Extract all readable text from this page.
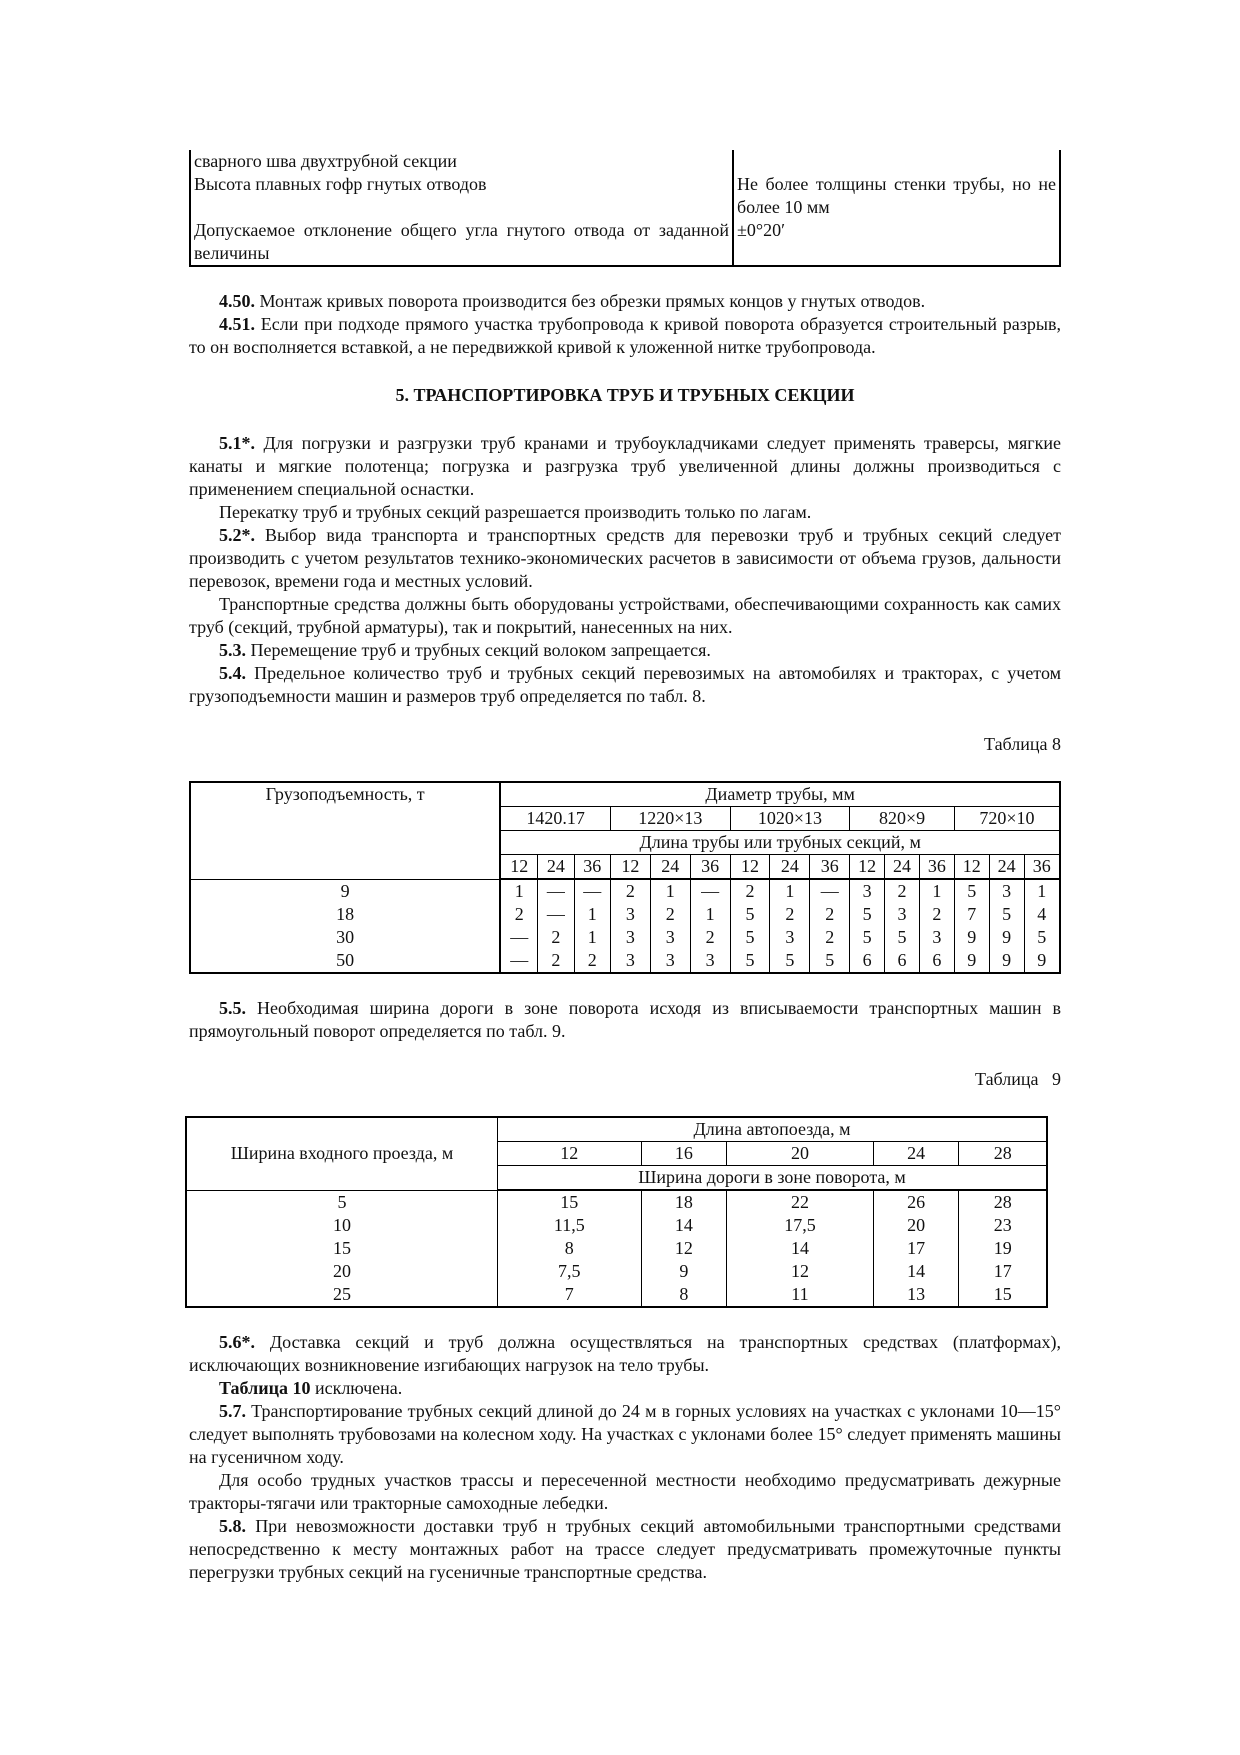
сварного шва двухтрубной секции	
Высота плавных гофр гнутых отводов	Не более толщины стенки трубы, но не более 10 мм
Допускаемое отклонение общего угла гнутого отвода от заданной величины	±0°20′

4.50. Монтаж кривых поворота производится без обрезки прямых концов у гнутых отводов.

4.51. Если при подходе прямого участка трубопровода к кривой поворота образуется строительный разрыв, то он восполняется вставкой, а не передвижкой кривой к уложенной нитке трубопровода.

5. ТРАНСПОРТИРОВКА ТРУБ И ТРУБНЫХ СЕКЦИИ

5.1*. Для погрузки и разгрузки труб кранами и трубоукладчиками следует применять траверсы, мягкие канаты и мягкие полотенца; погрузка и разгрузка труб увеличенной длины должны производиться с применением специальной оснастки.

Перекатку труб и трубных секций разрешается производить только по лагам.

5.2*. Выбор вида транспорта и транспортных средств для перевозки труб и трубных секций следует производить с учетом результатов технико-экономических расчетов в зависимости от объема грузов, дальности перевозок, времени года и местных условий.

Транспортные средства должны быть оборудованы устройствами, обеспечивающими сохранность как самих труб (секций, трубной арматуры), так и покрытий, нанесенных на них.

5.3. Перемещение труб и трубных секций волоком запрещается.

5.4. Предельное количество труб и трубных секций перевозимых на автомобилях и тракторах, с учетом грузоподъемности машин и размеров труб определяется по табл. 8.

Таблица 8
Грузоподъемность, т	Диаметр трубы, мм														
	1420.17			1220×13			1020×13			820×9			720×10		
	Длина трубы или трубных секций, м														
	12	24	36	12	24	36	12	24	36	12	24	36	12	24	36
9	1	—	—	2	1	—	2	1	—	3	2	1	5	3	1
18	2	—	1	3	2	1	5	2	2	5	3	2	7	5	4
30	—	2	1	3	3	2	5	3	2	5	5	3	9	9	5
50	—	2	2	3	3	3	5	5	5	6	6	6	9	9	9

5.5. Необходимая ширина дороги в зоне поворота исходя из вписываемости транспортных машин в прямоугольный поворот определяется по табл. 9.

Таблица   9
Ширина входного проезда, м	Длина автопоезда, м				
	12	16	20	24	28
	Ширина дороги в зоне поворота, м				
5	15	18	22	26	28
10	11,5	14	17,5	20	23
15	8	12	14	17	19
20	7,5	9	12	14	17
25	7	8	11	13	15

5.6*. Доставка секций и труб должна осуществляться на транспортных средствах (платформах), исключающих возникновение изгибающих нагрузок на тело трубы.

Таблица 10 исключена.

5.7. Транспортирование трубных секций длиной до 24 м в горных условиях на участках с уклонами 10—15° следует выполнять трубовозами на колесном ходу. На участках с уклонами более 15° следует применять машины на гусеничном ходу.

Для особо трудных участков трассы и пересеченной местности необходимо предусматривать дежурные тракторы-тягачи или тракторные самоходные лебедки.

5.8. При невозможности доставки труб н трубных секций автомобильными транспортными средствами непосредственно к месту монтажных работ на трассе следует предусматривать промежуточные пункты перегрузки трубных секций на гусеничные транспортные средства.
